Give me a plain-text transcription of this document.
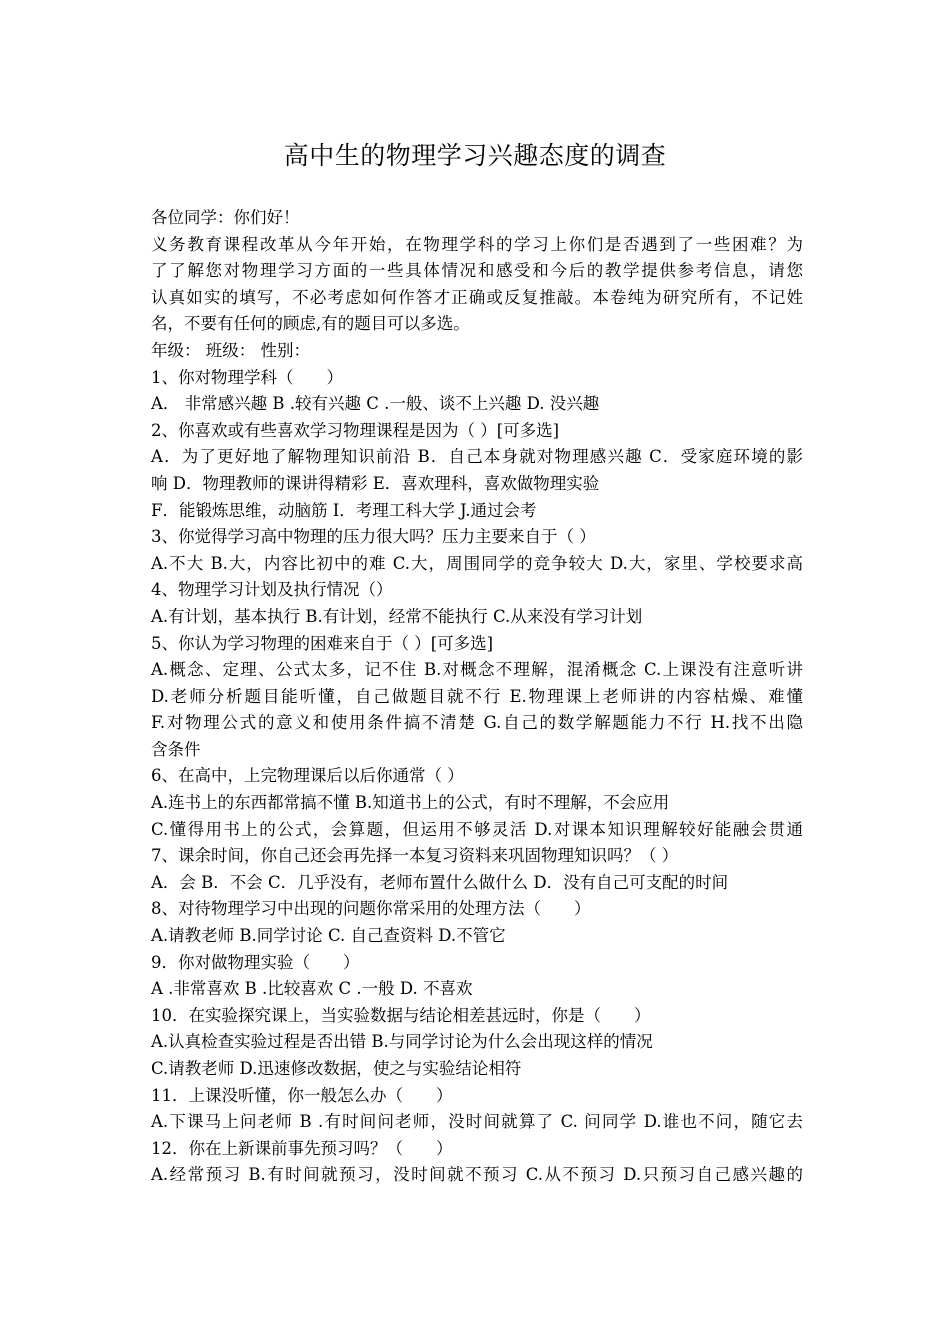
高中生的物理学习兴趣态度的调查
各位同学：你们好！
义务教育课程改革从今年开始，在物理学科的学习上你们是否遇到了一些困难？为
了了解您对物理学习方面的一些具体情况和感受和今后的教学提供参考信息，请您
认真如实的填写，不必考虑如何作答才正确或反复推敲。本卷纯为研究所有，不记姓
名，不要有任何的顾虑,有的题目可以多选。
年级： 班级： 性别：
1、你对物理学科（　　）
A． 非常感兴趣 B .较有兴趣 C .一般、谈不上兴趣 D. 没兴趣
2、你喜欢或有些喜欢学习物理课程是因为（ ）[可多选]
A．为了更好地了解物理知识前沿 B．自己本身就对物理感兴趣 C．受家庭环境的影
响 D．物理教师的课讲得精彩 E．喜欢理科，喜欢做物理实验
F．能锻炼思维，动脑筋 I．考理工科大学 J.通过会考
3、你觉得学习高中物理的压力很大吗？压力主要来自于（ ）
A.不大 B.大，内容比初中的难 C.大，周围同学的竞争较大 D.大，家里、学校要求高
4、物理学习计划及执行情况（）
A.有计划，基本执行 B.有计划，经常不能执行 C.从来没有学习计划
5、你认为学习物理的困难来自于（ ）[可多选]
A.概念、定理、公式太多，记不住 B.对概念不理解，混淆概念 C.上课没有注意听讲
D.老师分析题目能听懂，自己做题目就不行 E.物理课上老师讲的内容枯燥、难懂
F.对物理公式的意义和使用条件搞不清楚 G.自己的数学解题能力不行 H.找不出隐
含条件
6、在高中，上完物理课后以后你通常（ ）
A.连书上的东西都常搞不懂 B.知道书上的公式，有时不理解，不会应用
C.懂得用书上的公式，会算题，但运用不够灵活 D.对课本知识理解较好能融会贯通
7、课余时间，你自己还会再先择一本复习资料来巩固物理知识吗？（ ）
A．会 B．不会 C．几乎没有，老师布置什么做什么 D．没有自己可支配的时间
8、对待物理学习中出现的问题你常采用的处理方法（　　）
A.请教老师 B.同学讨论 C. 自己查资料 D.不管它
9．你对做物理实验（　　）
A .非常喜欢 B .比较喜欢 C .一般 D. 不喜欢
10．在实验探究课上，当实验数据与结论相差甚远时，你是（　　）
A.认真检查实验过程是否出错 B.与同学讨论为什么会出现这样的情况
C.请教老师 D.迅速修改数据，使之与实验结论相符
11．上课没听懂，你一般怎么办（　　）
A.下课马上问老师 B .有时间问老师，没时间就算了 C. 问同学 D.谁也不问，随它去
12．你在上新课前事先预习吗？（　　）
A.经常预习 B.有时间就预习，没时间就不预习 C.从不预习 D.只预习自己感兴趣的
